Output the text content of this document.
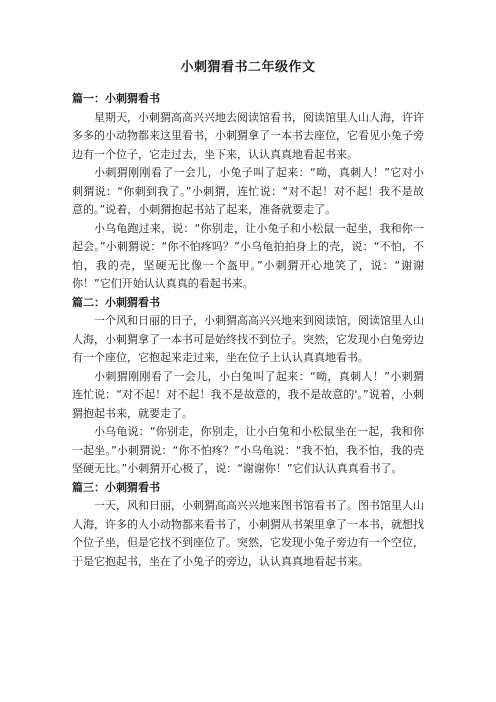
小刺猬看书二年级作文
篇一：小刺猬看书

星期天，小刺猬高高兴兴地去阅读馆看书，阅读馆里人山人海，许许多多的小动物都来这里看书，小刺猬拿了一本书去座位，它看见小兔子旁边有一个位子，它走过去，坐下来，认认真真地看起书来。

小刺猬刚刚看了一会儿，小兔子叫了起来：“呦，真刺人！”它对小刺猬说：“你刺到我了。”小刺猬，连忙说：“对不起！对不起！我不是故意的。”说着，小刺猬抱起书站了起来，准备就要走了。

小乌龟跑过来，说：“你别走，让小兔子和小松鼠一起坐，我和你一起会。”小刺猬说：“你不怕疼吗？”小乌龟拍拍身上的壳，说：“不怕，不怕，我的壳，坚硬无比像一个盔甲。”小刺猬开心地笑了，说：“谢谢你！”它们开始认认真真的看起书来。

篇二：小刺猬看书

一个风和日丽的日子，小刺猬高高兴兴地来到阅读馆，阅读馆里人山人海，小刺猬拿了一本书可是始终找不到位子。突然，它发现小白兔旁边有一个座位，它抱起来走过来，坐在位子上认认真真地看书。

小刺猬刚刚看了一会儿，小白兔叫了起来：“呦，真刺人！”小刺猬连忙说：“对不起！对不起！我不是故意的，我不是故意的'。”说着，小刺猬抱起书来，就要走了。

小乌龟说：“你别走，你别走，让小白兔和小松鼠坐在一起，我和你一起坐。”小刺猬说：“你不怕疼？”小乌龟说：“我不怕，我不怕，我的壳坚硬无比。”小刺猬开心极了，说：“谢谢你！”它们认认真真看书了。

篇三：小刺猬看书

一天，风和日丽，小刺猬高高兴兴地来图书馆看书了。图书馆里人山人海，许多的人小动物都来看书了，小刺猬从书架里拿了一本书，就想找个位子坐，但是它找不到座位了。突然，它发现小兔子旁边有一个空位，于是它抱起书，坐在了小兔子的旁边，认认真真地看起书来。
